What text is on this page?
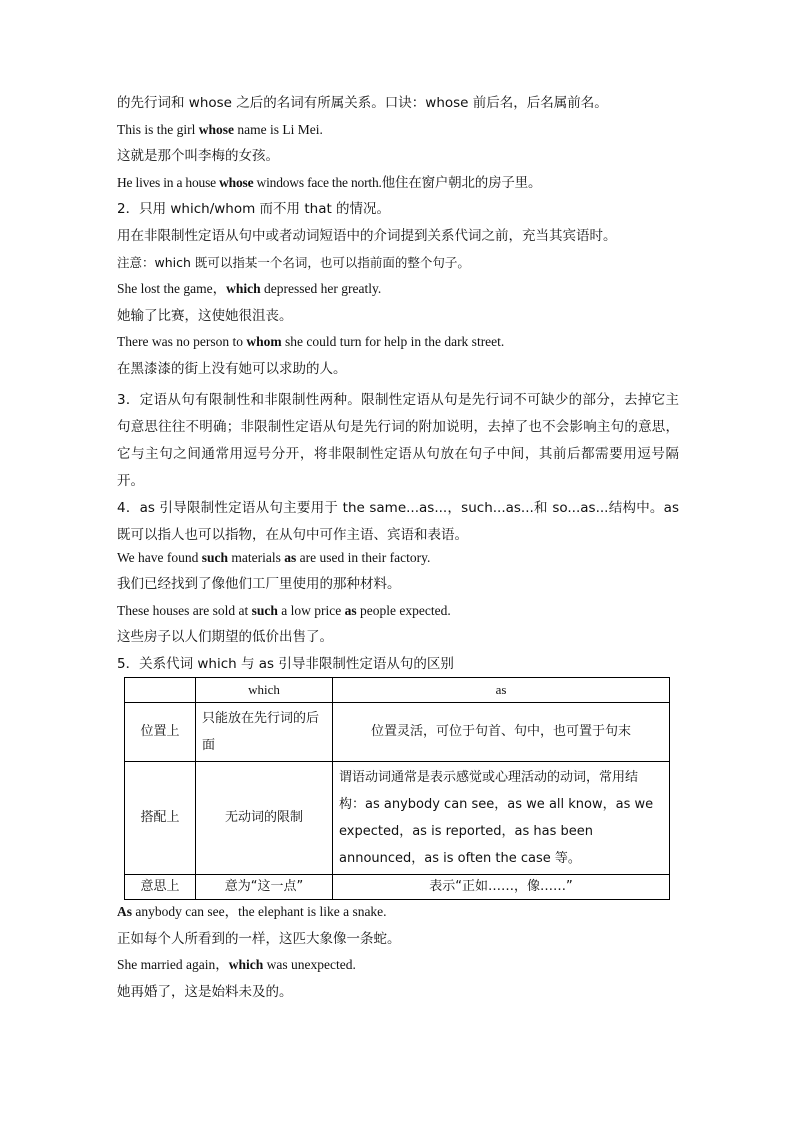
的先行词和 whose 之后的名词有所属关系。口诀：whose 前后名，后名属前名。
This is the girl whose name is Li Mei.
这就是那个叫李梅的女孩。
He lives in a house whose windows face the north.他住在窗户朝北的房子里。
2．只用 which/whom 而不用 that 的情况。
用在非限制性定语从句中或者动词短语中的介词提到关系代词之前，充当其宾语时。
注意：which 既可以指某一个名词，也可以指前面的整个句子。
She lost the game，which depressed her greatly.
她输了比赛，这使她很沮丧。
There was no person to whom she could turn for help in the dark street.
在黑漆漆的街上没有她可以求助的人。
3．定语从句有限制性和非限制性两种。限制性定语从句是先行词不可缺少的部分，去掉它主句意思往往不明确；非限制性定语从句是先行词的附加说明，去掉了也不会影响主句的意思，它与主句之间通常用逗号分开，将非限制性定语从句放在句子中间，其前后都需要用逗号隔开。
4．as 引导限制性定语从句主要用于 the same...as...，such...as...和 so...as...结构中。as 既可以指人也可以指物，在从句中可作主语、宾语和表语。
We have found such materials as are used in their factory.
我们已经找到了像他们工厂里使用的那种材料。
These houses are sold at such a low price as people expected.
这些房子以人们期望的低价出售了。
5．关系代词 which 与 as 引导非限制性定语从句的区别
	which	as
位置上	只能放在先行词的后面	位置灵活，可位于句首、句中，也可置于句末
搭配上	无动词的限制	谓语动词通常是表示感觉或心理活动的动词，常用结构：as anybody can see，as we all know，as we expected，as is reported，as has been announced，as is often the case 等。
意思上	意为“这一点”	表示“正如……，像……”
As anybody can see，the elephant is like a snake.
正如每个人所看到的一样，这匹大象像一条蛇。
She married again，which was unexpected.
她再婚了，这是始料未及的。
